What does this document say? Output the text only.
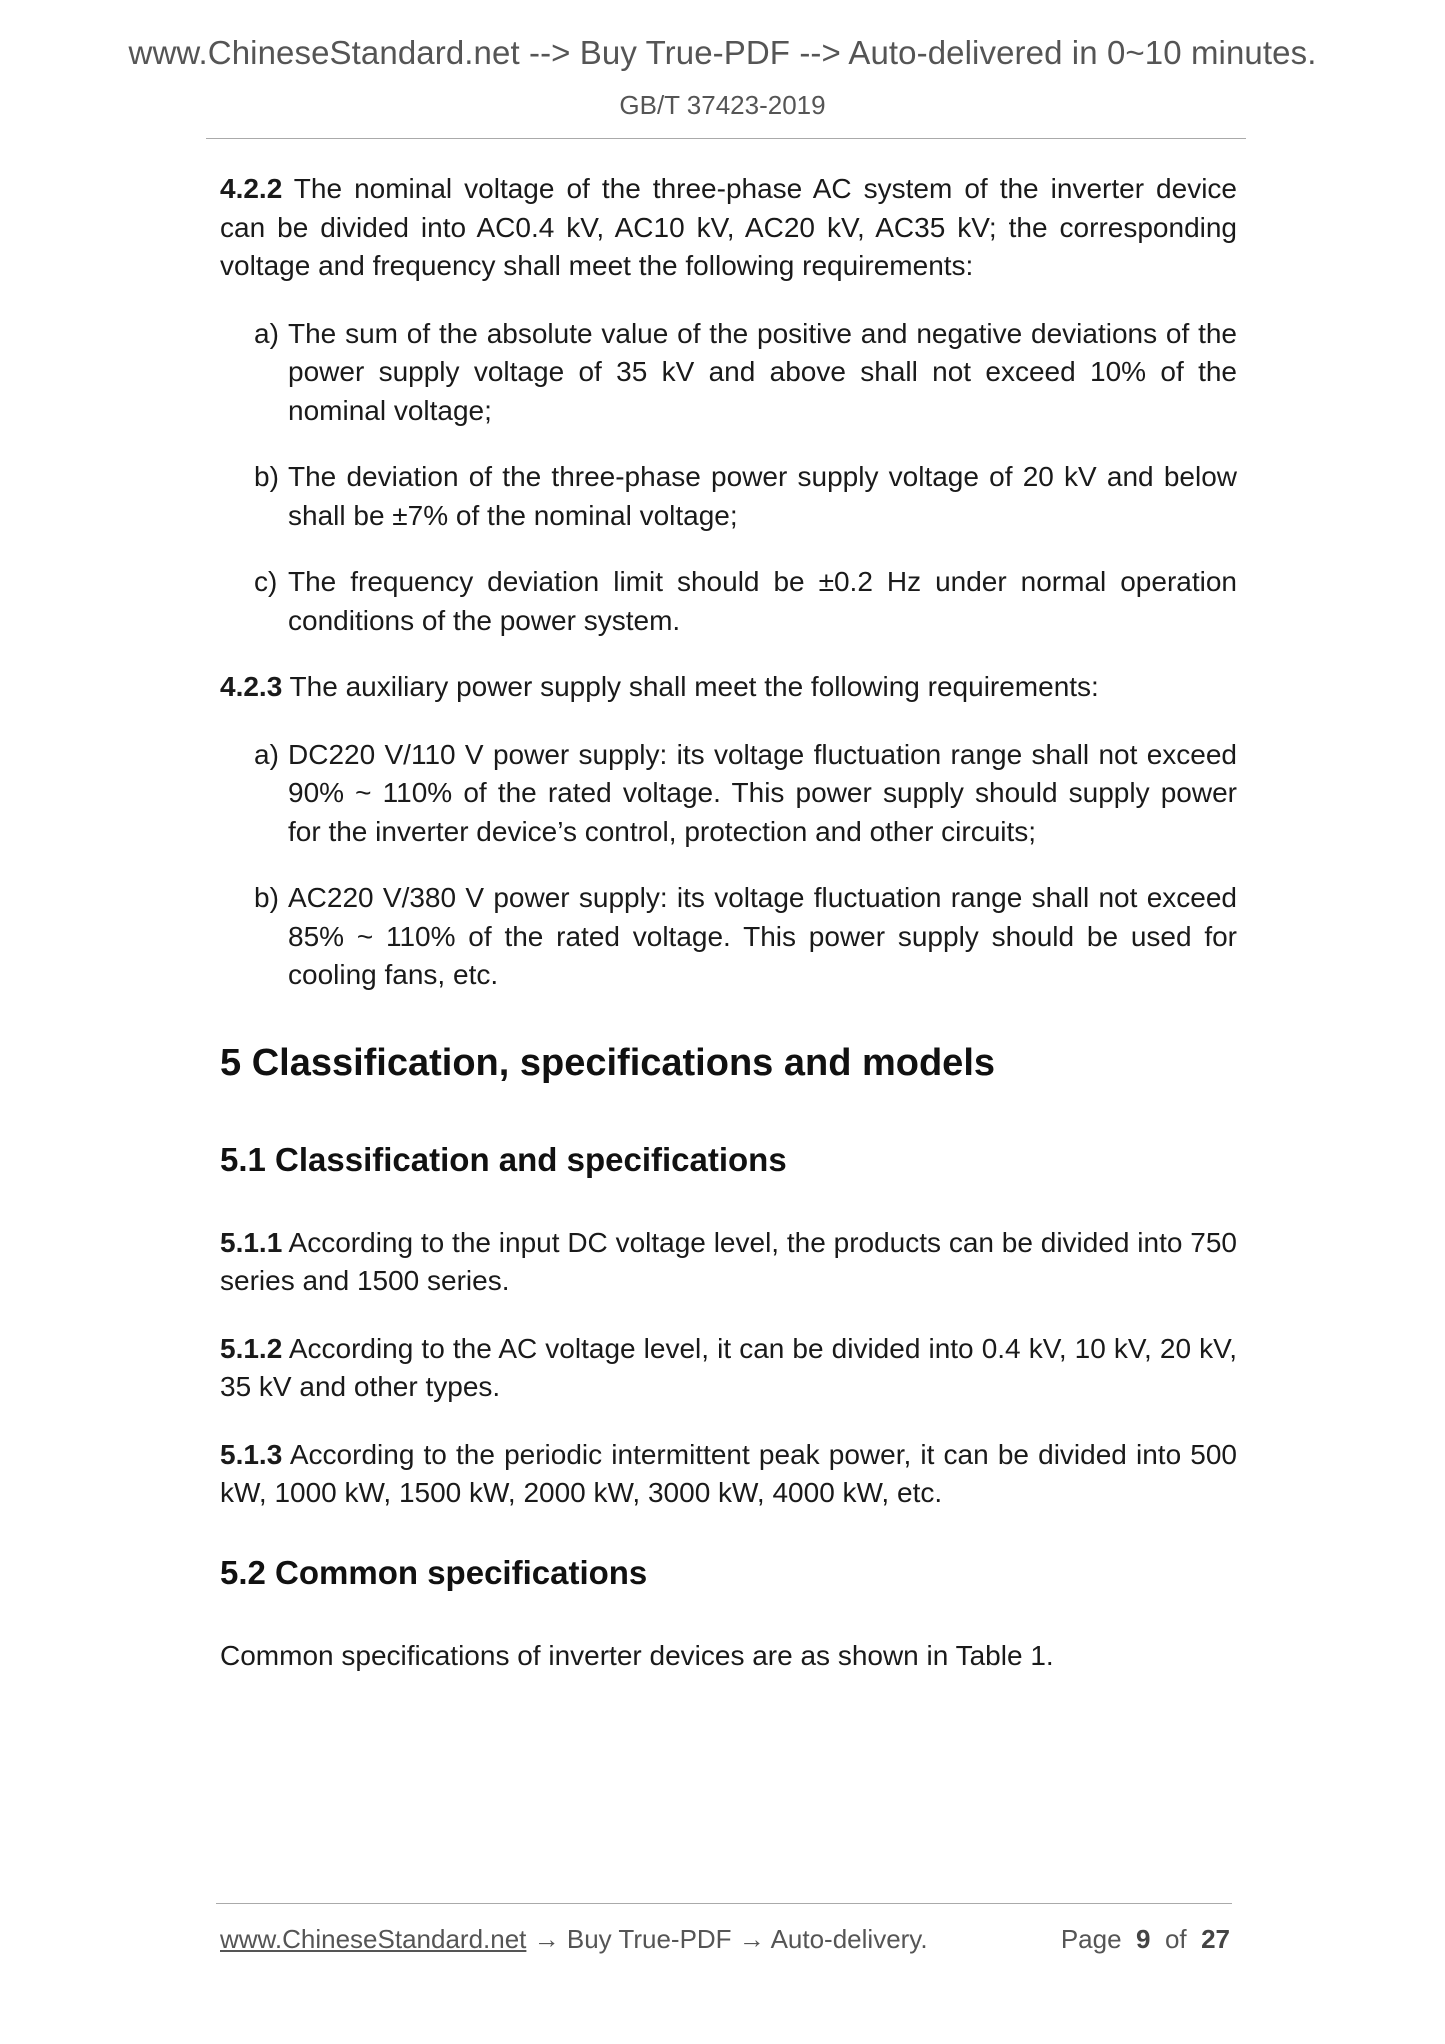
www.ChineseStandard.net --> Buy True-PDF --> Auto-delivered in 0~10 minutes.
GB/T 37423-2019

4.2.2 The nominal voltage of the three-phase AC system of the inverter device can be divided into AC0.4 kV, AC10 kV, AC20 kV, AC35 kV; the corresponding voltage and frequency shall meet the following requirements:

a) The sum of the absolute value of the positive and negative deviations of the power supply voltage of 35 kV and above shall not exceed 10% of the nominal voltage;
b) The deviation of the three-phase power supply voltage of 20 kV and below shall be ±7% of the nominal voltage;
c) The frequency deviation limit should be ±0.2 Hz under normal operation conditions of the power system.

4.2.3 The auxiliary power supply shall meet the following requirements:

a) DC220 V/110 V power supply: its voltage fluctuation range shall not exceed 90% ~ 110% of the rated voltage. This power supply should supply power for the inverter device’s control, protection and other circuits;
b) AC220 V/380 V power supply: its voltage fluctuation range shall not exceed 85% ~ 110% of the rated voltage. This power supply should be used for cooling fans, etc.
5 Classification, specifications and models
5.1 Classification and specifications

5.1.1 According to the input DC voltage level, the products can be divided into 750 series and 1500 series.

5.1.2 According to the AC voltage level, it can be divided into 0.4 kV, 10 kV, 20 kV, 35 kV and other types.

5.1.3 According to the periodic intermittent peak power, it can be divided into 500 kW, 1000 kW, 1500 kW, 2000 kW, 3000 kW, 4000 kW, etc.

5.2 Common specifications

Common specifications of inverter devices are as shown in Table 1.

www.ChineseStandard.net → Buy True-PDF → Auto-delivery.	Page 9 of 27
